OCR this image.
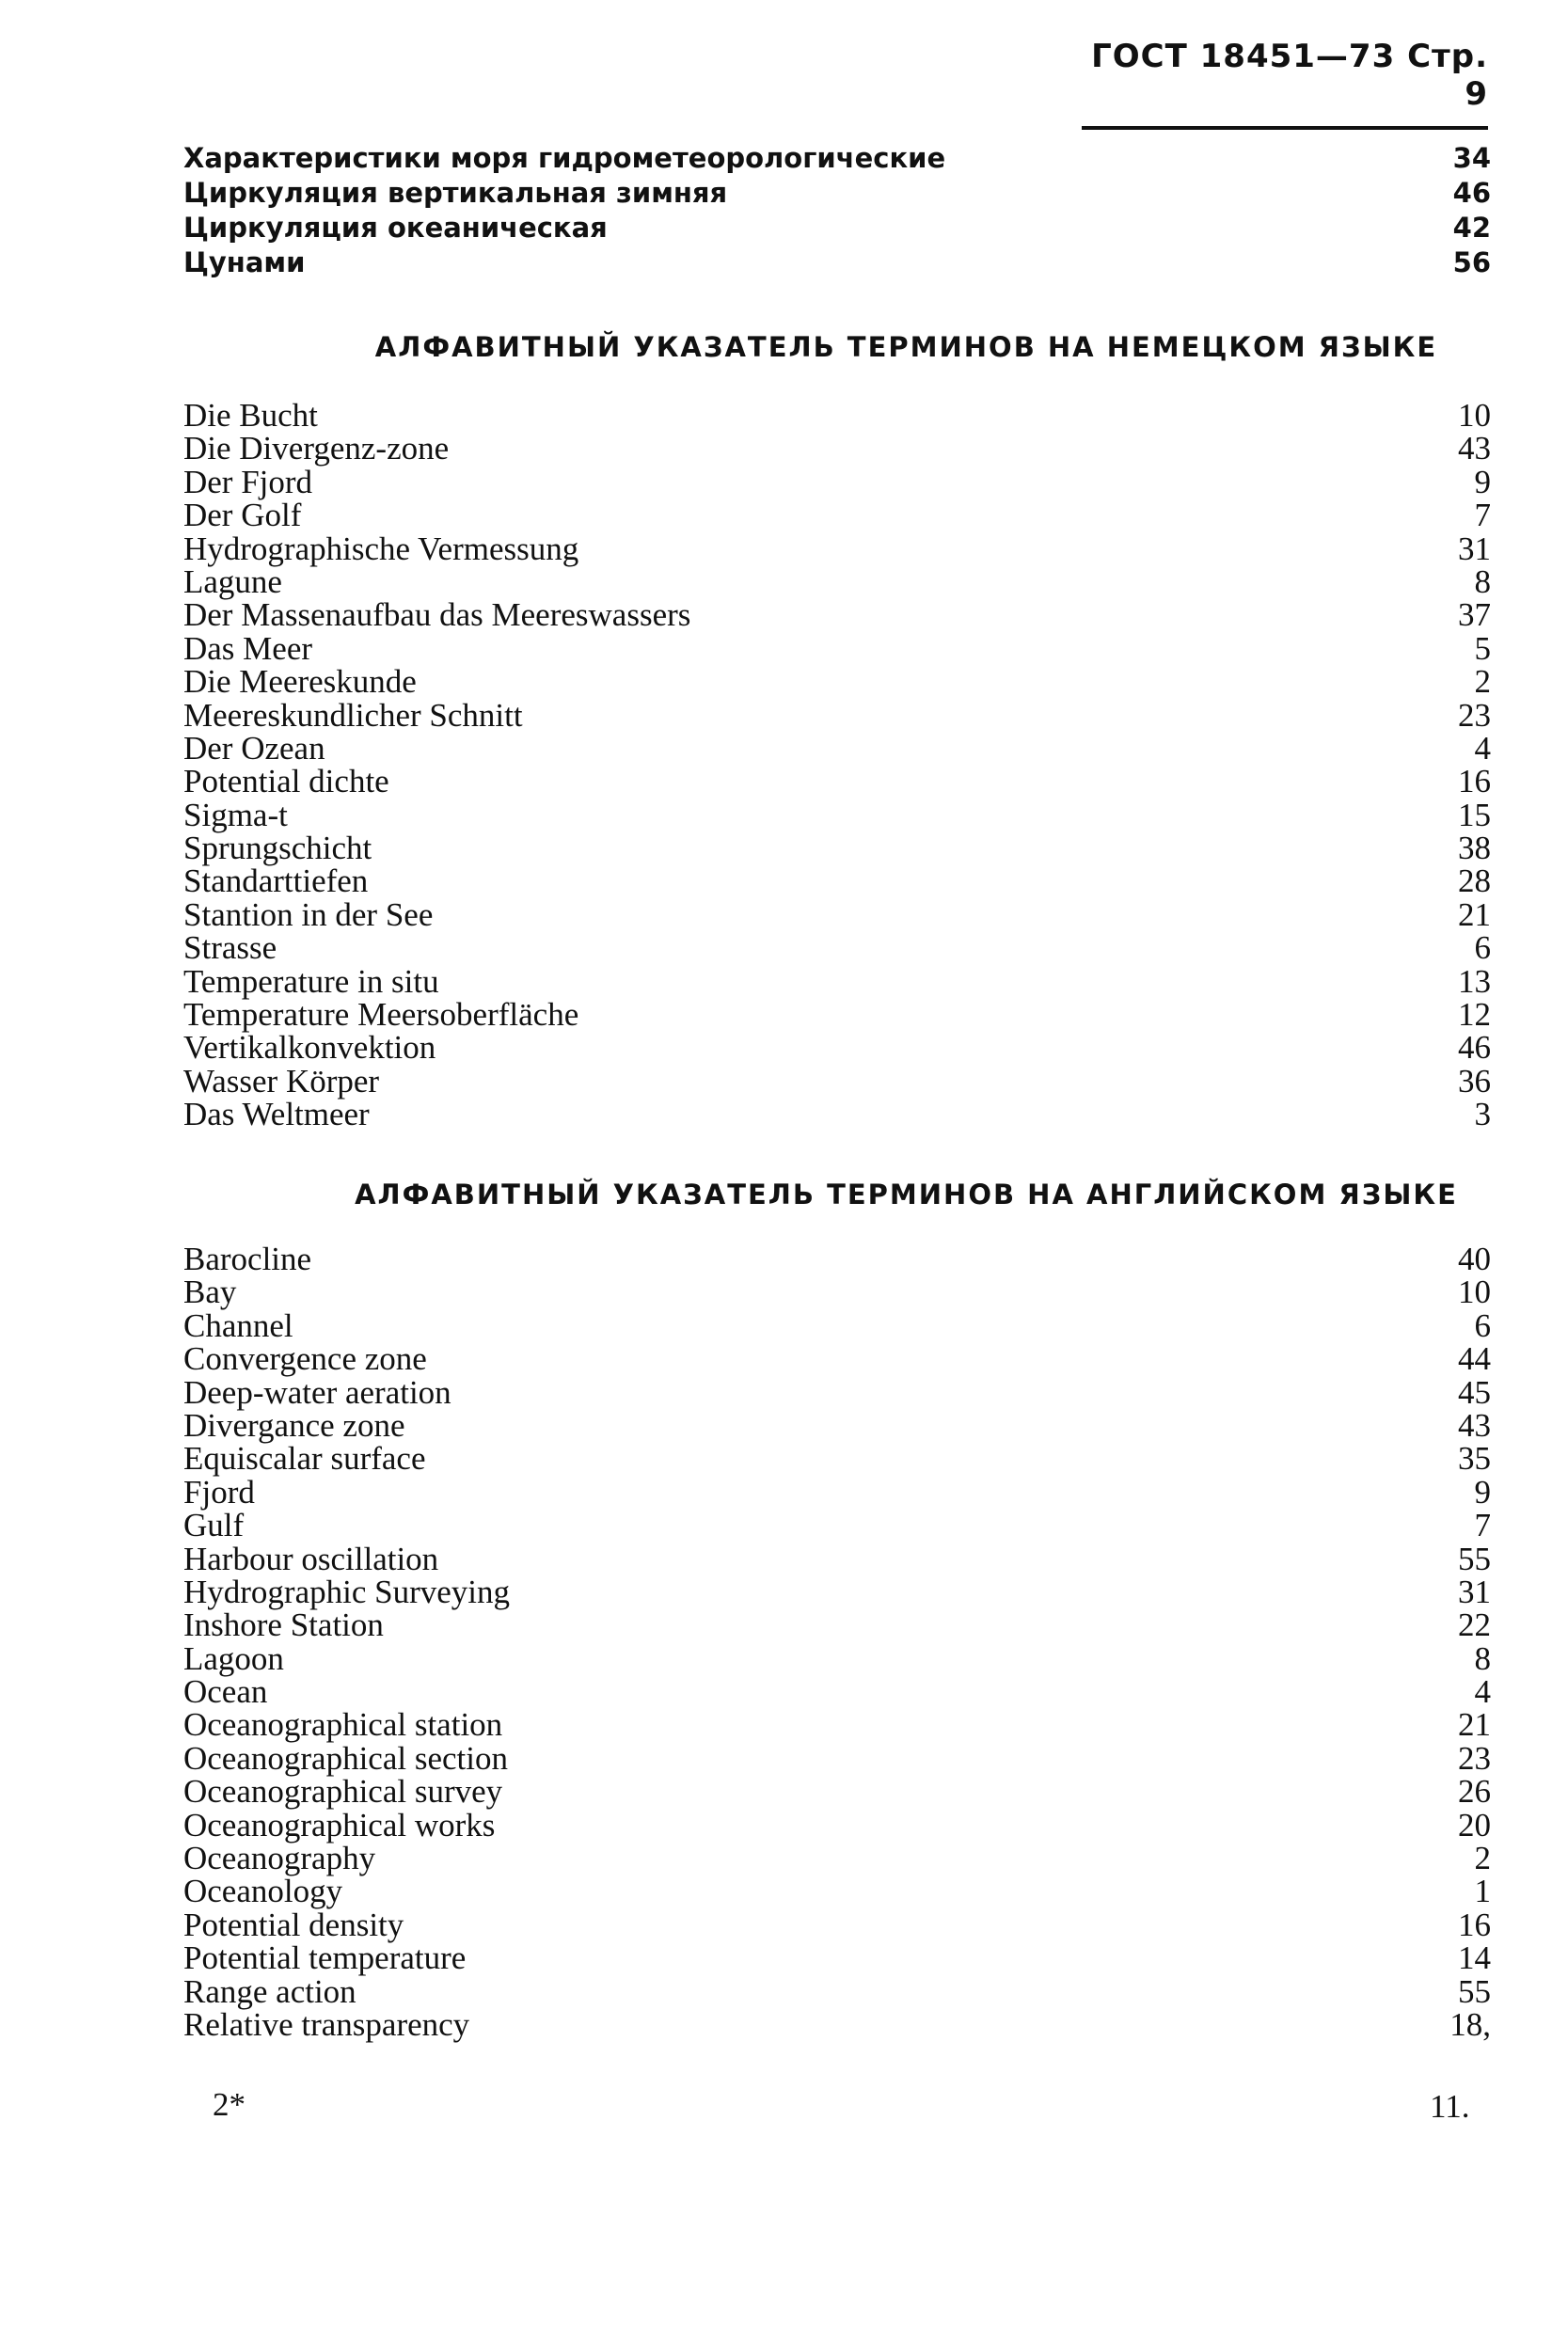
ГОСТ 18451—73 Стр. 9
Характеристики моря гидрометеорологические	34
Циркуляция вертикальная зимняя	46
Циркуляция океаническая	42
Цунами	56
АЛФАВИТНЫЙ УКАЗАТЕЛЬ ТЕРМИНОВ НА НЕМЕЦКОМ ЯЗЫКЕ
Die Bucht	10
Die Divergenz-zone	43
Der Fjord	9
Der Golf	7
Hydrographische Vermessung	31
Lagune	8
Der Massenaufbau das Meereswassers	37
Das Meer	5
Die Meereskunde	2
Meereskundlicher Schnitt	23
Der Ozean	4
Potential dichte	16
Sigma-t	15
Sprungschicht	38
Standarttiefen	28
Stantion in der See	21
Strasse	6
Temperature in situ	13
Temperature Meersoberfläche	12
Vertikalkonvektion	46
Wasser Körper	36
Das Weltmeer	3
АЛФАВИТНЫЙ УКАЗАТЕЛЬ ТЕРМИНОВ НА АНГЛИЙСКОМ ЯЗЫКЕ
Barocline	40
Bay	10
Channel	6
Convergence zone	44
Deep-water aeration	45
Divergance zone	43
Equiscalar surface	35
Fjord	9
Gulf	7
Harbour oscillation	55
Hydrographic Surveying	31
Inshore Station	22
Lagoon	8
Ocean	4
Oceanographical station	21
Oceanographical section	23
Oceanographical survey	26
Oceanographical works	20
Oceanography	2
Oceanology	1
Potential density	16
Potential temperature	14
Range action	55
Relative transparency	18,
2*	11.
